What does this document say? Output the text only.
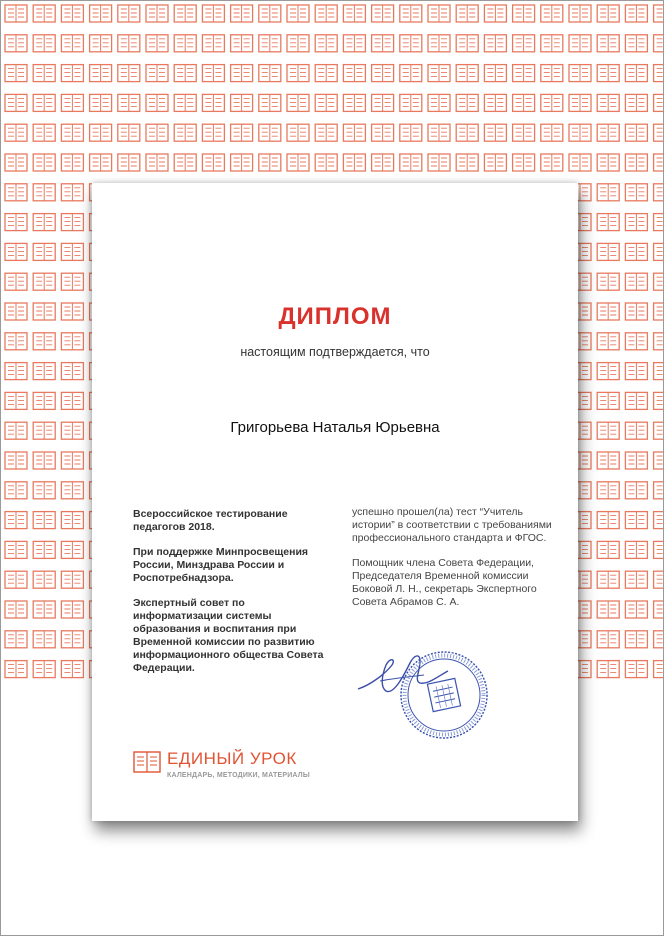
ДИПЛОМ
настоящим подтверждается, что
Григорьева Наталья Юрьевна

Всероссийское тестирование педагогов 2018.

При поддержке Минпросвещения России, Минздрава России и Роспотребнадзора.

Экспертный совет по информатизации системы образования и воспитания при Временной комиссии по развитию информационного общества Совета Федерации.

успешно прошел(ла) тест “Учитель истории” в соответствии с требованиями профессионального стандарта и ФГОС.

Помощник члена Совета Федерации, Председателя Временной комиссии Боковой Л. Н., секретарь Экспертного Совета Абрамов С. А.

ЕДИНЫЙ УРОК
КАЛЕНДАРЬ, МЕТОДИКИ, МАТЕРИАЛЫ
